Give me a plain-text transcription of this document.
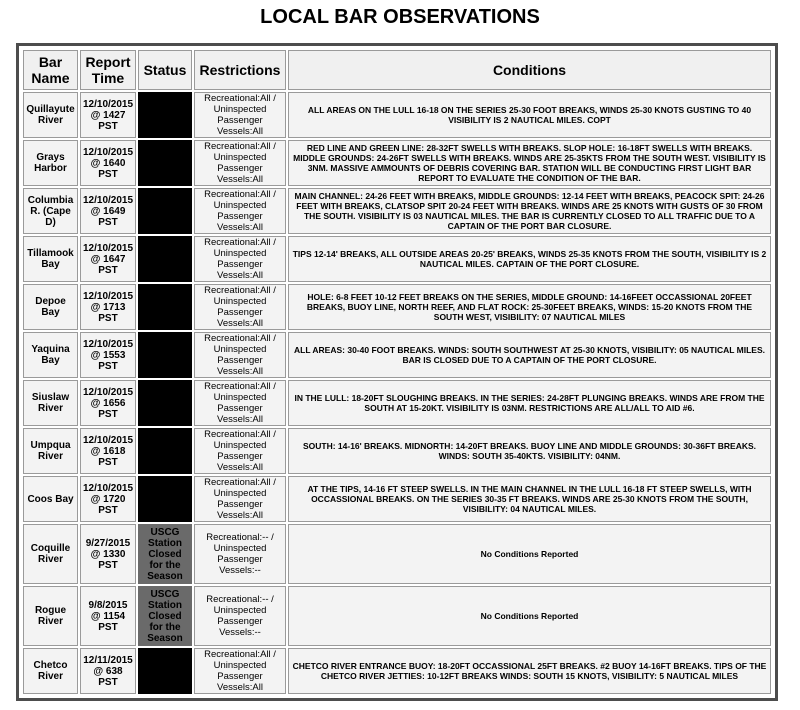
LOCAL BAR OBSERVATIONS
Bar Name	Report Time	Status	Restrictions	Conditions
Quillayute River	12/10/2015 @ 1427 PST	COTP Closure	Recreational:All / Uninspected Passenger Vessels:All	ALL AREAS ON THE LULL 16-18 ON THE SERIES 25-30 FOOT BREAKS, WINDS 25-30 KNOTS GUSTING TO 40 VISIBILITY IS 2 NAUTICAL MILES. COPT
Grays Harbor	12/10/2015 @ 1640 PST	COTP Closure	Recreational:All / Uninspected Passenger Vessels:All	RED LINE AND GREEN LINE: 28-32FT SWELLS WITH BREAKS. SLOP HOLE: 16-18FT SWELLS WITH BREAKS. MIDDLE GROUNDS: 24-26FT SWELLS WITH BREAKS. WINDS ARE 25-35KTS FROM THE SOUTH WEST. VISIBILITY IS 3NM. MASSIVE AMMOUNTS OF DEBRIS COVERING BAR. STATION WILL BE CONDUCTING FIRST LIGHT BAR REPORT TO EVALUATE THE CONDITION OF THE BAR.
Columbia R. (Cape D)	12/10/2015 @ 1649 PST	COTP Closure	Recreational:All / Uninspected Passenger Vessels:All	MAIN CHANNEL: 24-26 FEET WITH BREAKS, MIDDLE GROUNDS: 12-14 FEET WITH BREAKS, PEACOCK SPIT: 24-26 FEET WITH BREAKS, CLATSOP SPIT 20-24 FEET WITH BREAKS. WINDS ARE 25 KNOTS WITH GUSTS OF 30 FROM THE SOUTH. VISIBILITY IS 03 NAUTICAL MILES. THE BAR IS CURRENTLY CLOSED TO ALL TRAFFIC DUE TO A CAPTAIN OF THE PORT BAR CLOSURE.
Tillamook Bay	12/10/2015 @ 1647 PST	COTP Closure	Recreational:All / Uninspected Passenger Vessels:All	TIPS 12-14' BREAKS, ALL OUTSIDE AREAS 20-25' BREAKS, WINDS 25-35 KNOTS FROM THE SOUTH, VISIBILITY IS 2 NAUTICAL MILES. CAPTAIN OF THE PORT CLOSURE.
Depoe Bay	12/10/2015 @ 1713 PST	COTP Closure	Recreational:All / Uninspected Passenger Vessels:All	HOLE: 6-8 FEET 10-12 FEET BREAKS ON THE SERIES, MIDDLE GROUND: 14-16FEET OCCASSIONAL 20FEET BREAKS, BUOY LINE, NORTH REEF, AND FLAT ROCK: 25-30FEET BREAKS, WINDS: 15-20 KNOTS FROM THE SOUTH WEST, VISIBILITY: 07 NAUTICAL MILES
Yaquina Bay	12/10/2015 @ 1553 PST	COTP Closure	Recreational:All / Uninspected Passenger Vessels:All	ALL AREAS: 30-40 FOOT BREAKS. WINDS: SOUTH SOUTHWEST AT 25-30 KNOTS, VISIBILITY: 05 NAUTICAL MILES. BAR IS CLOSED DUE TO A CAPTAIN OF THE PORT CLOSURE.
Siuslaw River	12/10/2015 @ 1656 PST	COTP Closure	Recreational:All / Uninspected Passenger Vessels:All	IN THE LULL: 18-20FT SLOUGHING BREAKS. IN THE SERIES: 24-28FT PLUNGING BREAKS. WINDS ARE FROM THE SOUTH AT 15-20KT. VISIBILITY IS 03NM. RESTRICTIONS ARE ALL/ALL TO AID #6.
Umpqua River	12/10/2015 @ 1618 PST	COTP Closure	Recreational:All / Uninspected Passenger Vessels:All	SOUTH: 14-16' BREAKS. MIDNORTH: 14-20FT BREAKS. BUOY LINE AND MIDDLE GROUNDS: 30-36FT BREAKS. WINDS: SOUTH 35-40KTS. VISIBILITY: 04NM.
Coos Bay	12/10/2015 @ 1720 PST	COTP Closure	Recreational:All / Uninspected Passenger Vessels:All	AT THE TIPS, 14-16 FT STEEP SWELLS. IN THE MAIN CHANNEL IN THE LULL 16-18 FT STEEP SWELLS, WITH OCCASSIONAL BREAKS. ON THE SERIES 30-35 FT BREAKS. WINDS ARE 25-30 KNOTS FROM THE SOUTH, VISIBILITY: 04 NAUTICAL MILES.
Coquille River	9/27/2015 @ 1330 PST	USCG Station Closed for the Season	Recreational:-- / Uninspected Passenger Vessels:--	No Conditions Reported
Rogue River	9/8/2015 @ 1154 PST	USCG Station Closed for the Season	Recreational:-- / Uninspected Passenger Vessels:--	No Conditions Reported
Chetco River	12/11/2015 @ 638 PST	COTP Closure	Recreational:All / Uninspected Passenger Vessels:All	CHETCO RIVER ENTRANCE BUOY: 18-20FT OCCASSIONAL 25FT BREAKS. #2 BUOY 14-16FT BREAKS. TIPS OF THE CHETCO RIVER JETTIES: 10-12FT BREAKS WINDS: SOUTH 15 KNOTS, VISIBILITY: 5 NAUTICAL MILES
